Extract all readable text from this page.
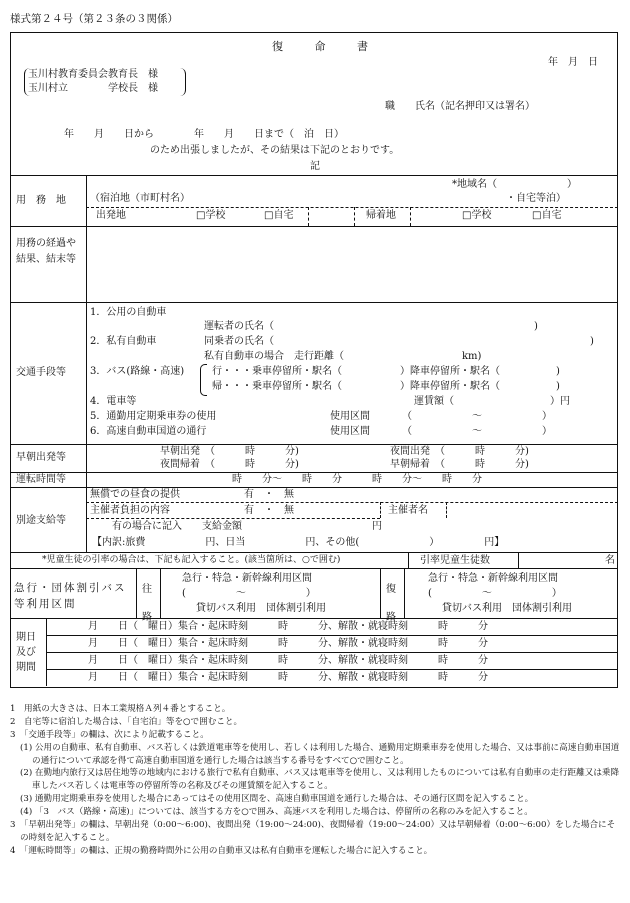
様式第２４号（第２３条の３関係）
復 命 書
年　月　日
玉川村教育委員会教育長　様
玉川村立　　　　学校長　様
職　　氏名（記名押印又は署名）
年　　月　　日から　　　　年　　月　　日まで（　泊　日）
のため出張しましたが、その結果は下記のとおりです。
記
用　務　地
*地域名（　　　　　　　）
（宿泊地（市町村名）	・自宅等泊）
出発地	□学校	□自宅	帰着地	□学校	□自宅
用務の経過や結果、結末等
交通手段等
1．公用の自動車
運転者の氏名（	)
2．私有自動車	同乗者の氏名（	)
私有自動車の場合　走行距離（	km)
3．バス(路線・高速)	行・・・乗車停留所・駅名（	）降車停留所・駅名（	)
帰・・・乗車停留所・駅名（	）降車停留所・駅名（	)
4．電車等	運賃額（	）円
5．通勤用定期乗車券の使用	使用区間	（　　　　　　～　　　　　　）
6．高速自動車国道の通行	使用区間	（　　　　　　～　　　　　　）
早朝出発等
早朝出発　（　　　時　　　分)	夜間出発　（　　　時　　　分)
夜間帰着　（　　　時　　　分)	早朝帰着　（　　　時　　　分)
運転時間等	時　　分～　　時　　分　　　時　　分～　　時　　分
別途支給等
無償での昼食の提供	有　・　無
主催者負担の内容	有　・　無	主催者名
有の場合に記入　　支給金額	円
【内訳:旅費　　　　　　円、日当　　　　　　円、その他(　　　　　　　）　　　　　円】
*児童生徒の引率の場合は、下記も記入すること。(該当箇所は、○で囲む)	引率児童生徒数	名
急行・団体割引バス等利用区間
往路
急行・特急・新幹線利用区間
(　　　　　～　　　　　　）
貸切バス利用　団体割引利用
復路
急行・特急・新幹線利用区間
(　　　　　～　　　　　　）
貸切バス利用　団体割引利用
期日及び期間
月　　日（　曜日）集合・起床時刻　　　時　　　分、解散・就寝時刻　　　時　　　分
月　　日（　曜日）集合・起床時刻　　　時　　　分、解散・就寝時刻　　　時　　　分
月　　日（　曜日）集合・起床時刻　　　時　　　分、解散・就寝時刻　　　時　　　分
月　　日（　曜日）集合・起床時刻　　　時　　　分、解散・就寝時刻　　　時　　　分
1　用紙の大きさは、日本工業規格Ａ列４番とすること。
2　自宅等に宿泊した場合は、「自宅泊」等を○で囲むこと。
3　「交通手段等」の欄は、次により記載すること。
(1) 公用の自動車、私有自動車、バス若しくは鉄道電車等を使用し、若しくは利用した場合、通勤用定期乗車券を使用した場合、又は事前に高速自動車国道の通行について承認を得て高速自動車国道を通行した場合は該当する番号をすべて○で囲むこと。
(2) 在勤地内旅行又は居住地等の地域内における旅行で私有自動車、バス又は電車等を使用し、又は利用したものについては私有自動車の走行距離又は乗降車したバス若しくは電車等の停留所等の名称及びその運賃額を記入すること。
(3) 通勤用定期乗車券を使用した場合にあってはその使用区間を、高速自動車国道を通行した場合は、その通行区間を記入すること。
(4) 「3　バス（路線・高速)」については、該当する方を○で囲み、高速バスを利用した場合は、停留所の名称のみを記入すること。
3　「早朝出発等」の欄は、早朝出発（0:00～6:00)、夜間出発（19:00～24:00)、夜間帰着（19:00～24:00）又は早朝帰着（0:00～6:00）をした場合にその時刻を記入すること。
4　「運転時間等」の欄は、正規の勤務時間外に公用の自動車又は私有自動車を運転した場合に記入すること。
